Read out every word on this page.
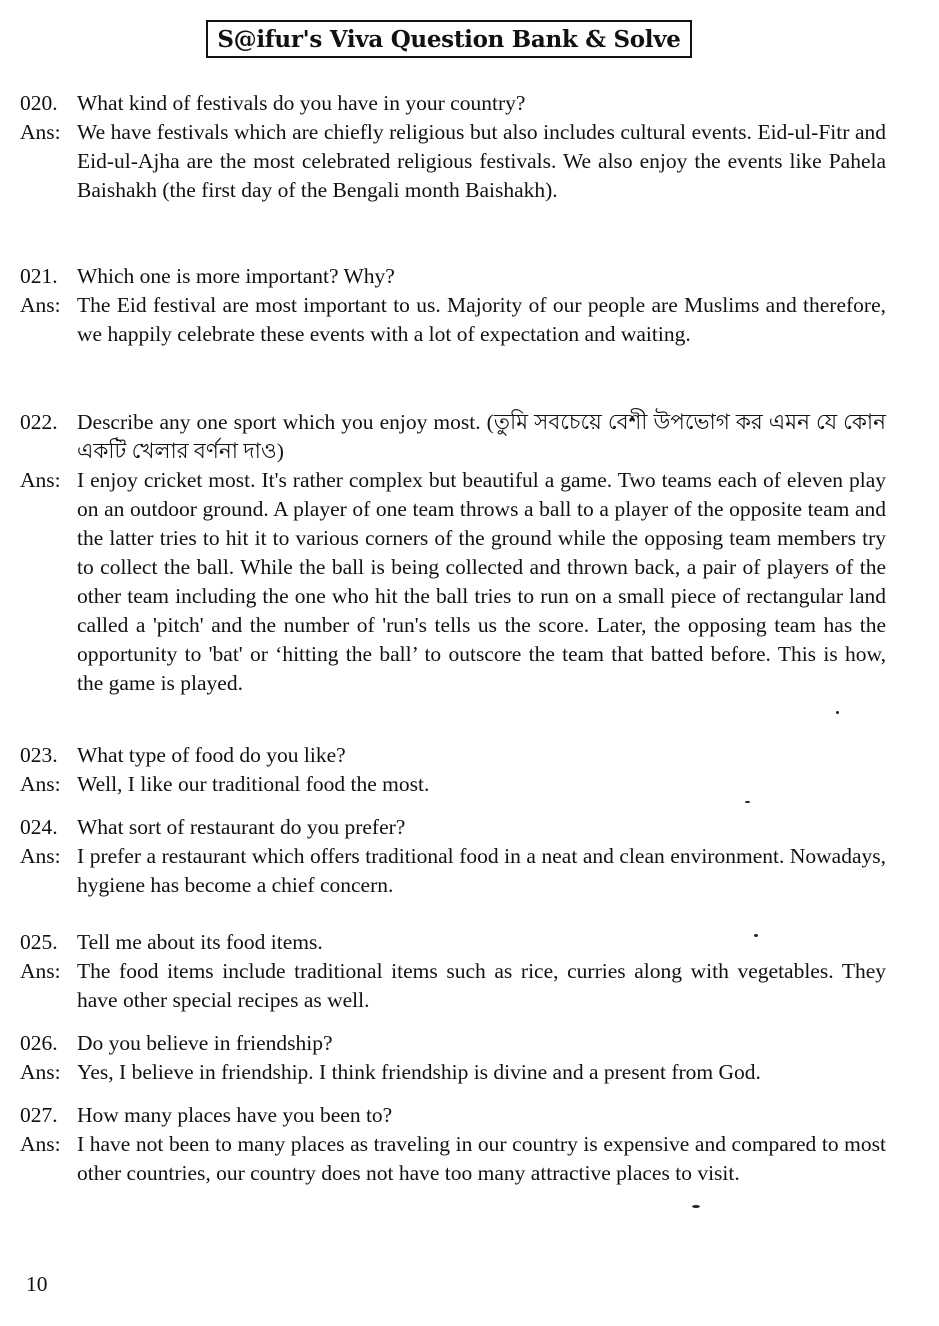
S@ifur's Viva Question Bank & Solve
020. What kind of festivals do you have in your country?
Ans: We have festivals which are chiefly religious but also includes cultural events. Eid-ul-Fitr and Eid-ul-Ajha are the most celebrated religious festivals. We also enjoy the events like Pahela Baishakh (the first day of the Bengali month Baishakh).
021. Which one is more important? Why?
Ans: The Eid festival are most important to us. Majority of our people are Muslims and therefore, we happily celebrate these events with a lot of expectation and waiting.
022. Describe any one sport which you enjoy most. (তুমি সবচেয়ে বেশী উপভোগ কর এমন যে কোন একটি খেলার বর্ণনা দাও)
Ans: I enjoy cricket most. It's rather complex but beautiful a game. Two teams each of eleven play on an outdoor ground. A player of one team throws a ball to a player of the opposite team and the latter tries to hit it to various corners of the ground while the opposing team members try to collect the ball. While the ball is being collected and thrown back, a pair of players of the other team including the one who hit the ball tries to run on a small piece of rectangular land called a 'pitch' and the number of 'run's tells us the score. Later, the opposing team has the opportunity to 'bat' or ‘hitting the ball’ to outscore the team that batted before. This is how, the game is played.
023. What type of food do you like?
Ans: Well, I like our traditional food the most.
024. What sort of restaurant do you prefer?
Ans: I prefer a restaurant which offers traditional food in a neat and clean environment. Nowadays, hygiene has become a chief concern.
025. Tell me about its food items.
Ans: The food items include traditional items such as rice, curries along with vegetables. They have other special recipes as well.
026. Do you believe in friendship?
Ans: Yes, I believe in friendship. I think friendship is divine and a present from God.
027. How many places have you been to?
Ans: I have not been to many places as traveling in our country is expensive and compared to most other countries, our country does not have too many attractive places to visit.
10
